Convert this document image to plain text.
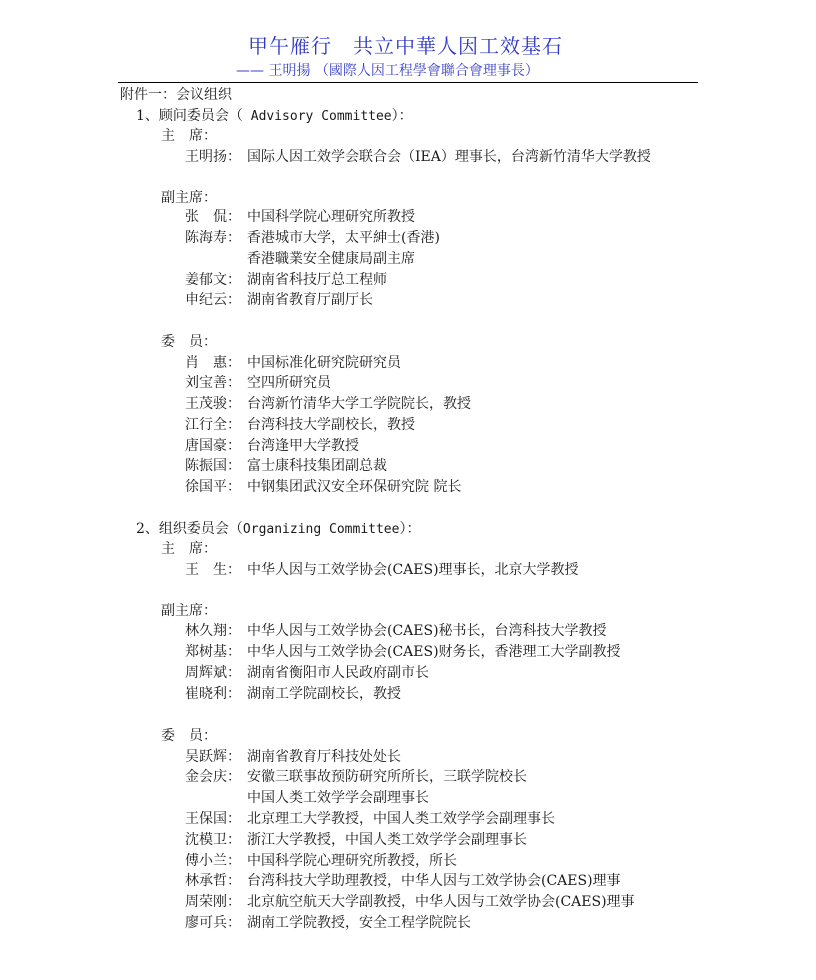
甲午雁行　共立中華人因工效基石
—— 王明揚 （國際人因工程學會聯合會理事長）
附件一：会议组织
1、顾问委员会（ Advisory Committee）：
主　席：
王明扬： 国际人因工效学会联合会（IEA）理事长，台湾新竹清华大学教授
副主席：
张　侃： 中国科学院心理研究所教授
陈海寿： 香港城市大学，太平紳士(香港)
香港職業安全健康局副主席
姜郁文： 湖南省科技厅总工程师
申纪云： 湖南省教育厅副厅长
委　员：
肖　惠： 中国标准化研究院研究员
刘宝善： 空四所研究员
王茂骏： 台湾新竹清华大学工学院院长，教授
江行全： 台湾科技大学副校长，教授
唐国豪： 台湾逢甲大学教授
陈振国： 富士康科技集团副总裁
徐国平： 中钢集团武汉安全环保研究院 院长
2、组织委员会（Organizing Committee）：
主　席：
王　生： 中华人因与工效学协会(CAES)理事长，北京大学教授
副主席：
林久翔： 中华人因与工效学协会(CAES)秘书长，台湾科技大学教授
郑树基： 中华人因与工效学协会(CAES)财务长，香港理工大学副教授
周辉斌： 湖南省衡阳市人民政府副市长
崔晓利： 湖南工学院副校长，教授
委　员：
吴跃辉： 湖南省教育厅科技处处长
金会庆： 安徽三联事故预防研究所所长，三联学院校长
中国人类工效学学会副理事长
王保国： 北京理工大学教授，中国人类工效学学会副理事长
沈模卫： 浙江大学教授，中国人类工效学学会副理事长
傅小兰： 中国科学院心理研究所教授，所长
林承哲： 台湾科技大学助理教授，中华人因与工效学协会(CAES)理事
周荣刚： 北京航空航天大学副教授，中华人因与工效学协会(CAES)理事
廖可兵： 湖南工学院教授，安全工程学院院长
